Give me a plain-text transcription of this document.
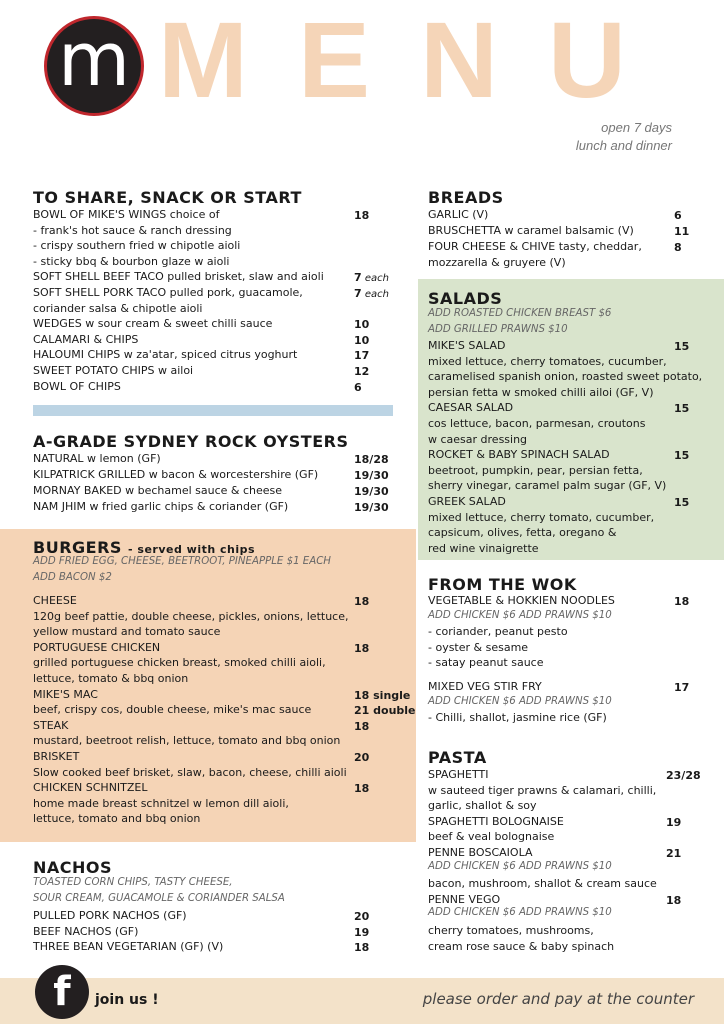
m MENU
open 7 days
lunch and dinner
TO SHARE, SNACK OR START
BOWL OF MIKE'S WINGS choice of	18
- frank's hot sauce & ranch dressing
- crispy southern fried w chipotle aioli
- sticky bbq & bourbon glaze w aioli
SOFT SHELL BEEF TACO pulled brisket, slaw and aioli	7 each
SOFT SHELL PORK TACO pulled pork, guacamole,	7 each
coriander salsa & chipotle aioli
WEDGES w sour cream & sweet chilli sauce	10
CALAMARI & CHIPS	10
HALOUMI CHIPS w za'atar, spiced citrus yoghurt	17
SWEET POTATO CHIPS w ailoi	12
BOWL OF CHIPS	6
A-GRADE SYDNEY ROCK OYSTERS
NATURAL w lemon (GF)	18/28
KILPATRICK GRILLED w bacon & worcestershire (GF)	19/30
MORNAY BAKED w bechamel sauce & cheese	19/30
NAM JHIM w fried garlic chips & coriander (GF)	19/30
BURGERS - served with chips
ADD FRIED EGG, CHEESE, BEETROOT, PINEAPPLE $1 EACH
ADD BACON $2
CHEESE	18
120g beef pattie, double cheese, pickles, onions, lettuce,
yellow mustard and tomato sauce
PORTUGUESE CHICKEN	18
grilled portuguese chicken breast, smoked chilli aioli,
lettuce, tomato & bbq onion
MIKE'S MAC	18 single
beef, crispy cos, double cheese, mike's mac sauce	21 double
STEAK	18
mustard, beetroot relish, lettuce, tomato and bbq onion
BRISKET	20
Slow cooked beef brisket, slaw, bacon, cheese, chilli aioli
CHICKEN SCHNITZEL	18
home made breast schnitzel w lemon dill aioli,
lettuce, tomato and bbq onion
NACHOS
TOASTED CORN CHIPS, TASTY CHEESE,
SOUR CREAM, GUACAMOLE & CORIANDER SALSA
PULLED PORK NACHOS (GF)	20
BEEF NACHOS (GF)	19
THREE BEAN VEGETARIAN (GF) (V)	18
BREADS
GARLIC (V)	6
BRUSCHETTA w caramel balsamic (V)	11
FOUR CHEESE & CHIVE tasty, cheddar,	8
mozzarella & gruyere (V)
SALADS
ADD ROASTED CHICKEN BREAST $6
ADD GRILLED PRAWNS $10
MIKE'S SALAD	15
mixed lettuce, cherry tomatoes, cucumber,
caramelised spanish onion, roasted sweet potato,
persian fetta w smoked chilli ailoi (GF, V)
CAESAR SALAD	15
cos lettuce, bacon, parmesan, croutons
w caesar dressing
ROCKET & BABY SPINACH SALAD	15
beetroot, pumpkin, pear, persian fetta,
sherry vinegar, caramel palm sugar (GF, V)
GREEK SALAD	15
mixed lettuce, cherry tomato, cucumber,
capsicum, olives, fetta, oregano &
red wine vinaigrette
FROM THE WOK
VEGETABLE & HOKKIEN NOODLES	18
ADD CHICKEN $6 ADD PRAWNS $10
- coriander, peanut pesto
- oyster & sesame
- satay peanut sauce
MIXED VEG STIR FRY	17
ADD CHICKEN $6 ADD PRAWNS $10
- Chilli, shallot, jasmine rice (GF)
PASTA
SPAGHETTI	23/28
w sauteed tiger prawns & calamari, chilli,
garlic, shallot & soy
SPAGHETTI BOLOGNAISE	19
beef & veal bolognaise
PENNE BOSCAIOLA	21
ADD CHICKEN $6 ADD PRAWNS $10
bacon, mushroom, shallot & cream sauce
PENNE VEGO	18
ADD CHICKEN $6 ADD PRAWNS $10
cherry tomatoes, mushrooms,
cream rose sauce & baby spinach
f join us !	please order and pay at the counter
